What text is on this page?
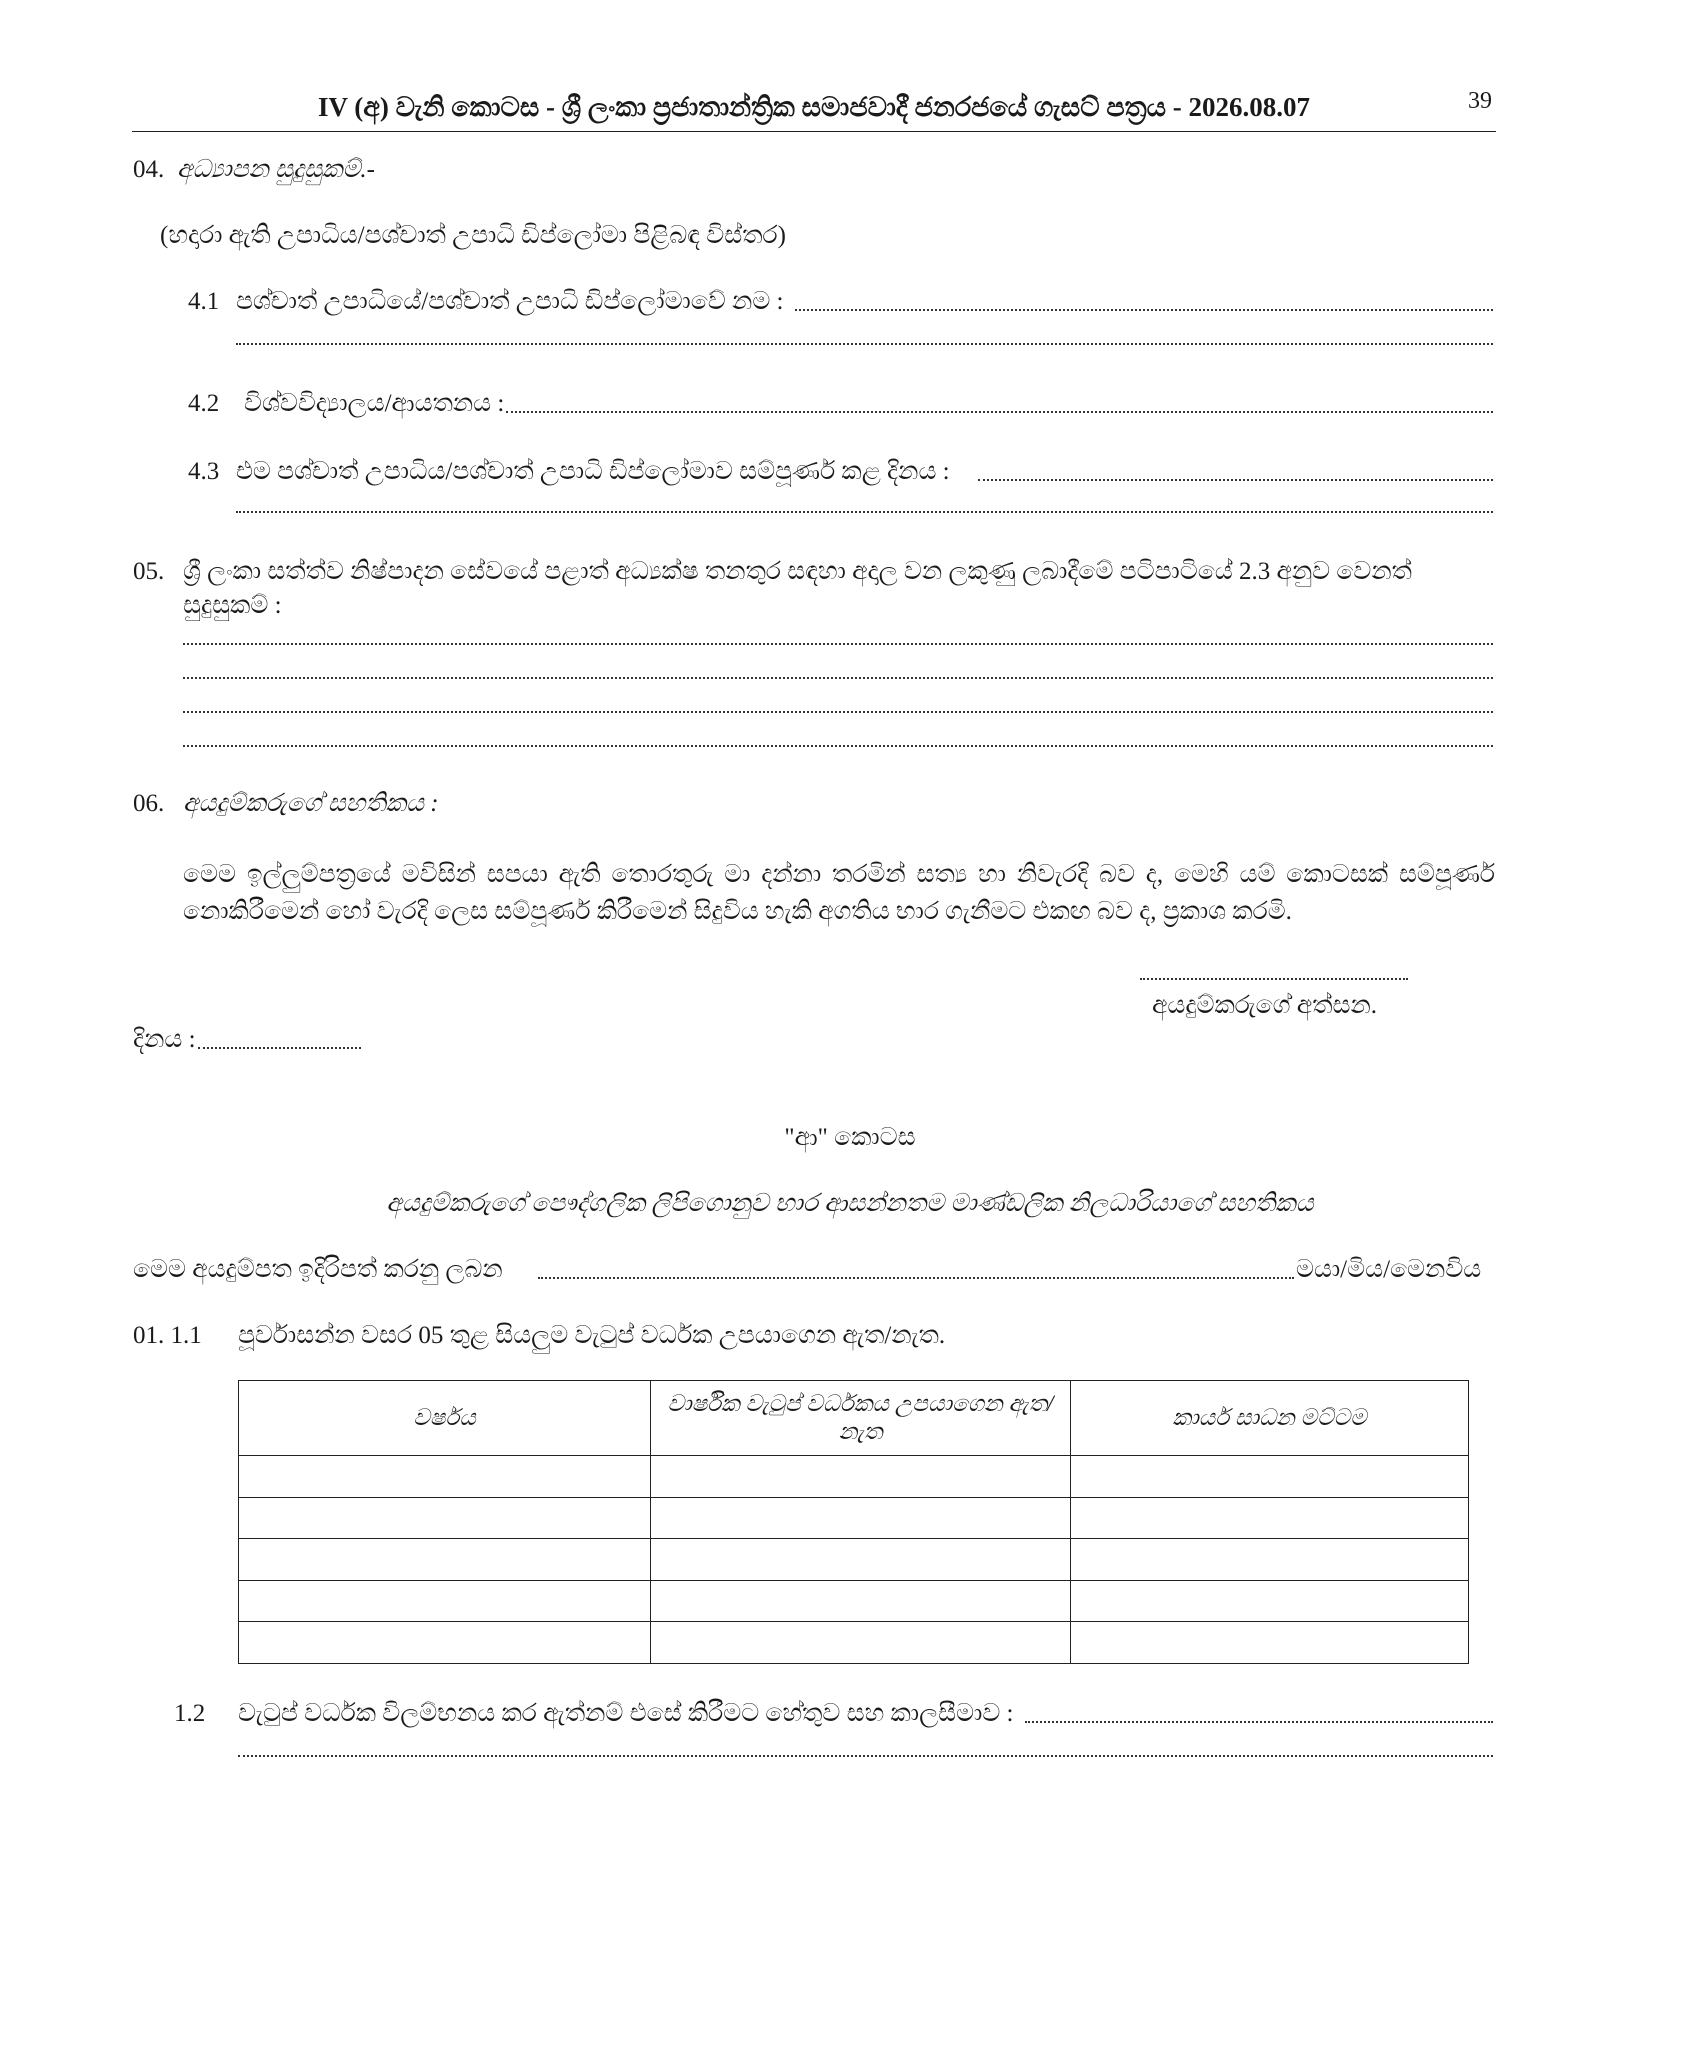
IV (අ) වැනි කොටස - ශ්‍රී ලංකා ප්‍රජාතාන්ත්‍රික සමාජවාදී ජනරජයේ ගැසට් පත්‍රය - 2026.08.07	39
04. අධ්‍යාපන සුදුසුකම්.-
(හදාරා ඇති උපාධිය/පශ්චාත් උපාධි ඩිප්ලෝමා පිළිබඳ විස්තර)
4.1 පශ්චාත් උපාධියේ/පශ්චාත් උපාධි ඩිප්ලෝමාවේ නම :
4.2 විශ්වවිද්‍යාලය/ආයතනය :
4.3 එම පශ්චාත් උපාධිය/පශ්චාත් උපාධි ඩිප්ලෝමාව සම්පූර්ණ කළ දිනය :
05. ශ්‍රී ලංකා සත්ත්ව නිෂ්පාදන සේවයේ පළාත් අධ්‍යක්ෂ තනතුර සඳහා අදාල වන ලකුණු ලබාදීමේ පටිපාටියේ 2.3 අනුව වෙනත්
සුදුසුකම් :
06. අයදුම්කරුගේ සහතිකය :
මෙම ඉල්ලුම්පත්‍රයේ මවිසින් සපයා ඇති තොරතුරු මා දන්නා තරමින් සත්‍ය හා නිවැරදි බව ද, මෙහි යම් කොටසක් සම්පූර්ණ නොකිරීමෙන් හෝ වැරදි ලෙස සම්පූර්ණ කිරීමෙන් සිදුවිය හැකි අගතිය භාර ගැනීමට එකඟ බව ද, ප්‍රකාශ කරමි.
අයදුම්කරුගේ අත්සන.
දිනය :
"ආ" කොටස
අයදුම්කරුගේ පෞද්ගලික ලිපිගොනුව භාර ආසන්නතම මාණ්ඩලික නිලධාරියාගේ සහතිකය
මෙම අයදුම්පත ඉදිරිපත් කරනු ලබන	මයා/මිය/මෙනවිය
01. 1.1 පූර්වාසන්න වසර 05 තුළ සියලුම වැටුප් වර්ධක උපයාගෙන ඇත/නැත.
වර්ෂය	වාර්ෂික වැටුප් වර්ධකය උපයාගෙන ඇත/නැත	කාර්ය සාධන මට්ටම

1.2 වැටුප් වර්ධක විලම්භනය කර ඇත්නම් එසේ කිරීමට හේතුව සහ කාලසීමාව :
